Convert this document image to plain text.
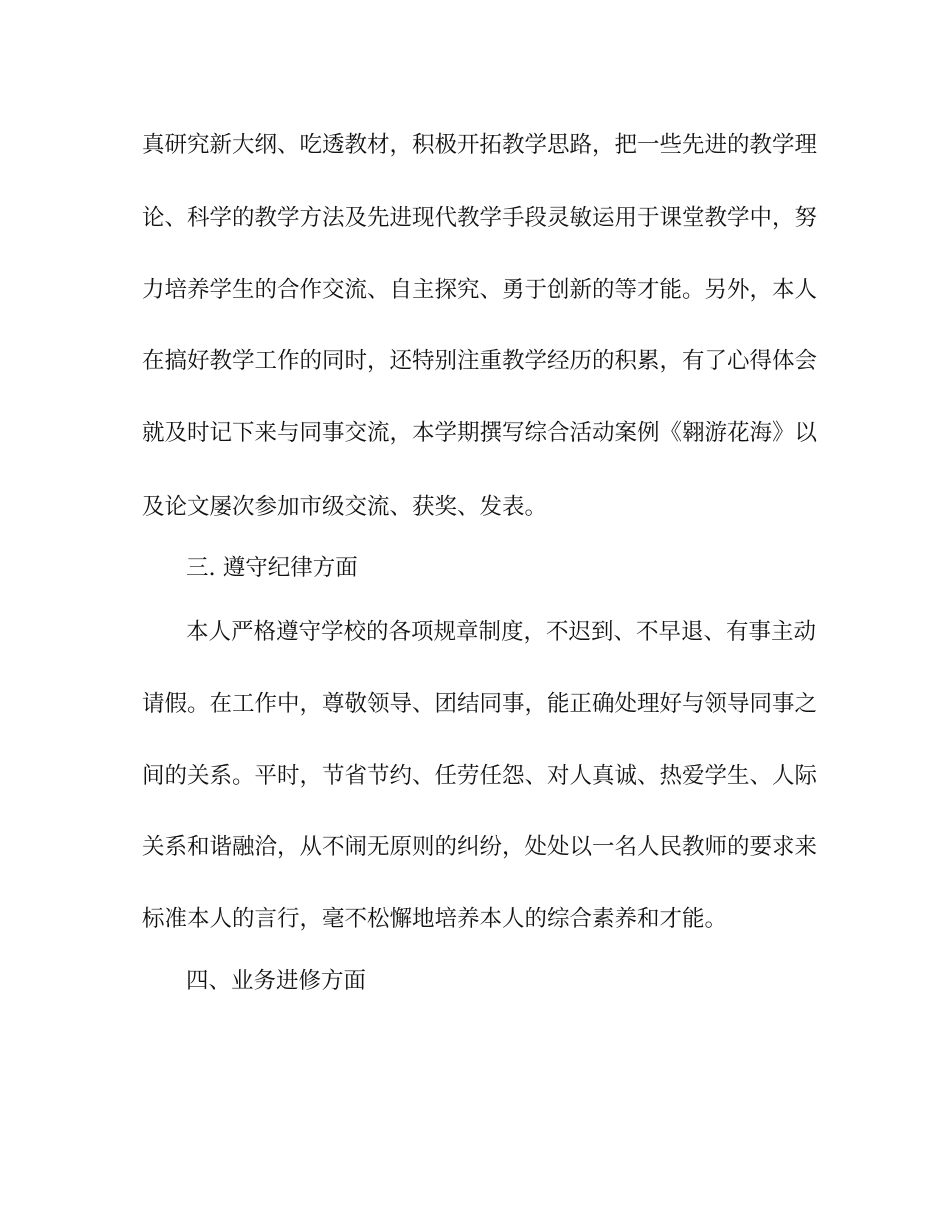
真研究新大纲、吃透教材，积极开拓教学思路，把一些先进的教学理
论、科学的教学方法及先进现代教学手段灵敏运用于课堂教学中，努
力培养学生的合作交流、自主探究、勇于创新的等才能。另外，本人
在搞好教学工作的同时，还特别注重教学经历的积累，有了心得体会
就及时记下来与同事交流，本学期撰写综合活动案例《翱游花海》以
及论文屡次参加市级交流、获奖、发表。
三. 遵守纪律方面
本人严格遵守学校的各项规章制度，不迟到、不早退、有事主动
请假。在工作中，尊敬领导、团结同事，能正确处理好与领导同事之
间的关系。平时，节省节约、任劳任怨、对人真诚、热爱学生、人际
关系和谐融洽，从不闹无原则的纠纷，处处以一名人民教师的要求来
标准本人的言行，毫不松懈地培养本人的综合素养和才能。
四、业务进修方面
